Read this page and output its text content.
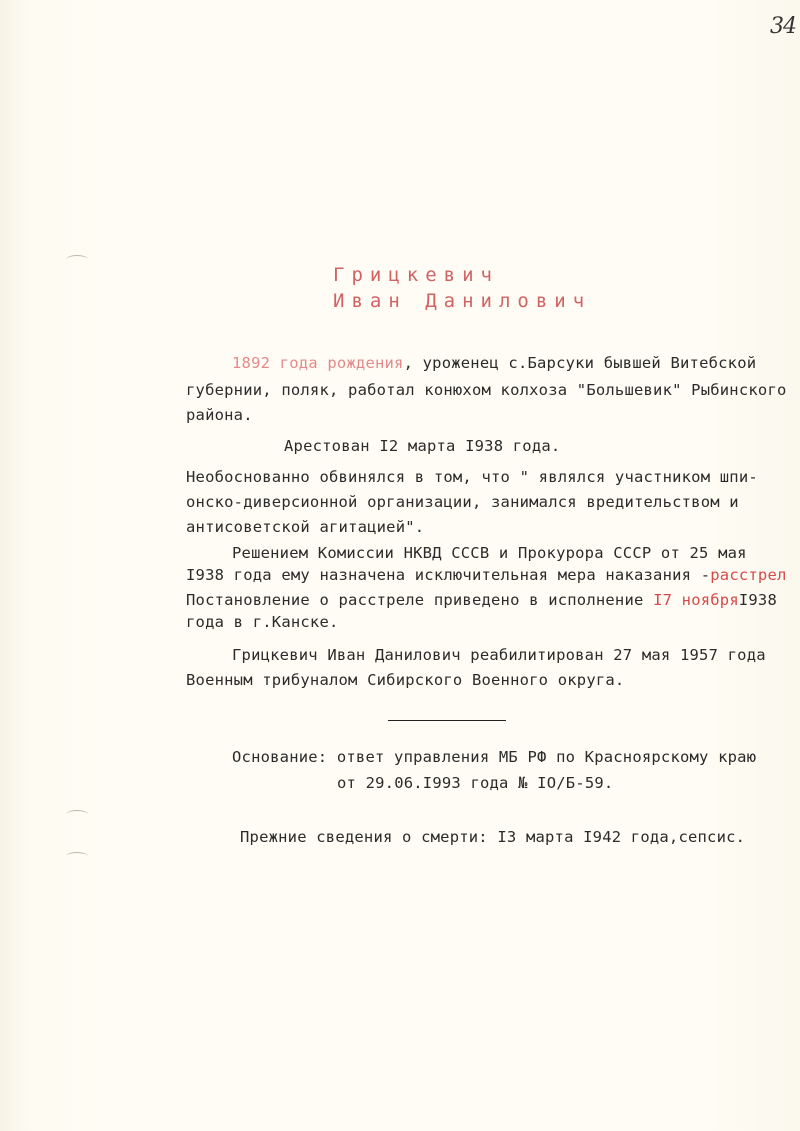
34
Грицкевич
Иван Данилович
1892 года рождения, уроженец с.Барсуки бывшей Витебской
губернии, поляк, работал конюхом колхоза "Большевик" Рыбинского
района.
Арестован I2 марта I938 года.
Необоснованно обвинялся в том, что " являлся участником шпи-
онско-диверсионной организации, занимался вредительством и
антисоветской агитацией".
Решением Комиссии НКВД СССВ и Прокурора СССР от 25 мая
I938 года ему назначена исключительная мера наказания -расстрел
Постановление о расстреле приведено в исполнение I7 ноябряI938
года в г.Канске.
Грицкевич Иван Данилович реабилитирован 27 мая 1957 года
Военным трибуналом Сибирского Военного округа.
Основание: ответ управления МБ РФ по Красноярскому краю
от 29.06.I993 года № IO/Б-59.
Прежние сведения о смерти: I3 марта I942 года,сепсис.
